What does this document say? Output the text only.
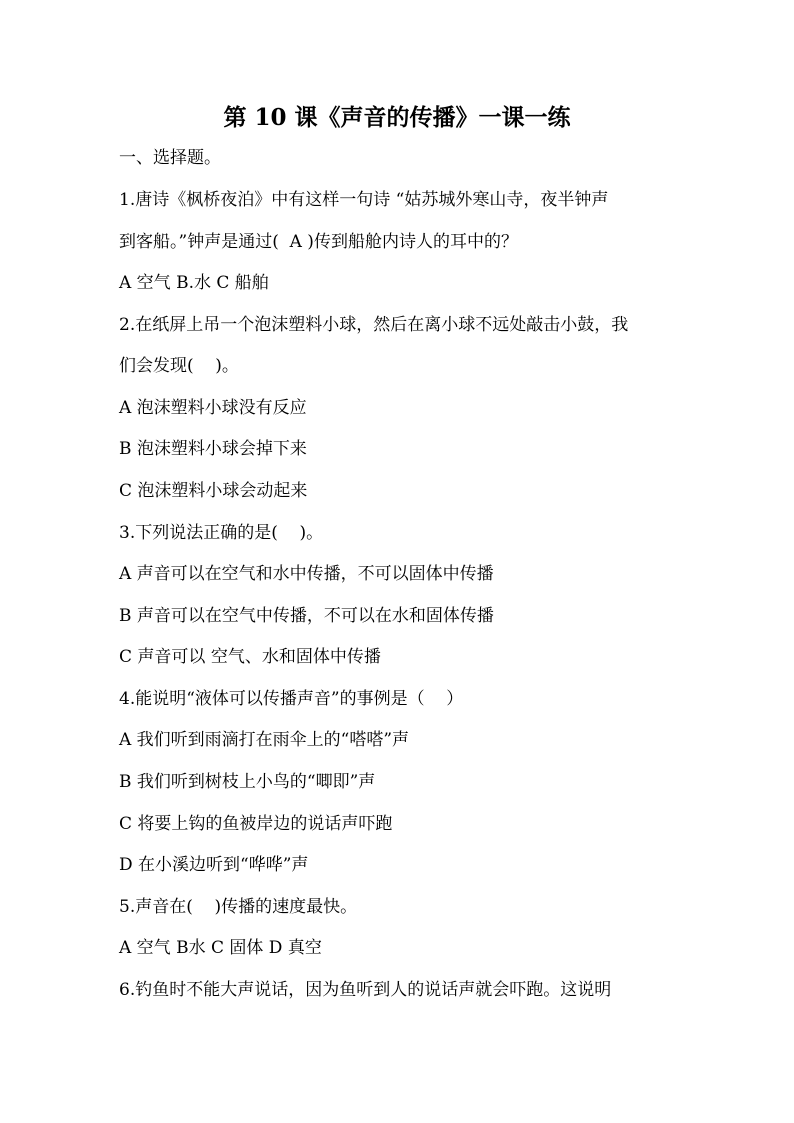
第 10 课《声音的传播》一课一练
一、选择题。
1.唐诗《枫桥夜泊》中有这样一句诗 “姑苏城外寒山寺，夜半钟声
到客船。”钟声是通过(  A )传到船舱内诗人的耳中的？
A 空气 B.水 C 船舶
2.在纸屏上吊一个泡沫塑料小球，然后在离小球不远处敲击小鼓，我
们会发现(    )。
A 泡沫塑料小球没有反应
B 泡沫塑料小球会掉下来
C 泡沫塑料小球会动起来
3.下列说法正确的是(    )。
A 声音可以在空气和水中传播，不可以固体中传播
B 声音可以在空气中传播，不可以在水和固体传播
C 声音可以 空气、水和固体中传播
4.能说明“液体可以传播声音”的事例是（    ）
A 我们听到雨滴打在雨伞上的“嗒嗒”声
B 我们听到树枝上小鸟的“唧即”声
C 将要上钩的鱼被岸边的说话声吓跑
D 在小溪边听到“哗哗”声
5.声音在(    )传播的速度最快。
A 空气 B水 C 固体 D 真空
6.钓鱼时不能大声说话，因为鱼听到人的说话声就会吓跑。这说明
